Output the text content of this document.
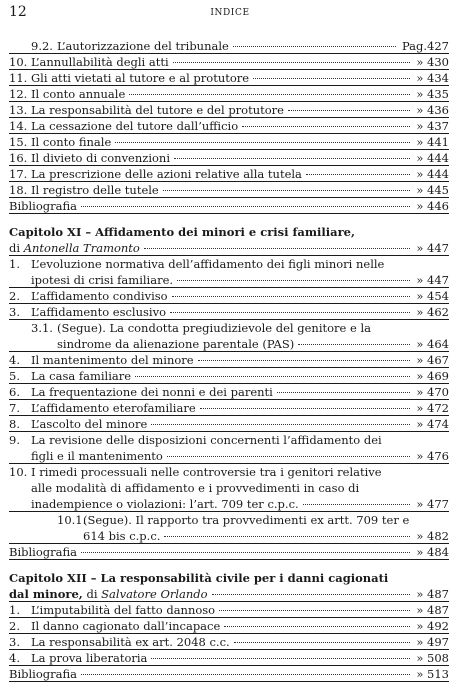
12	INDICE
9.2. L’autorizzazione del tribunale	Pag.427
10. L’annullabilità degli atti	» 430
11. Gli atti vietati al tutore e al protutore	» 434
12. Il conto annuale	» 435
13. La responsabilità del tutore e del protutore	» 436
14. La cessazione del tutore dall’ufficio	» 437
15. Il conto finale	» 441
16. Il divieto di convenzioni	» 444
17. La prescrizione delle azioni relative alla tutela	» 444
18. Il registro delle tutele	» 445
Bibliografia	» 446
Capitolo XI – Affidamento dei minori e crisi familiare,
di Antonella Tramonto	» 447
1. L’evoluzione normativa dell’affidamento dei figli minori nelle
ipotesi di crisi familiare.	» 447
2. L’affidamento condiviso	» 454
3. L’affidamento esclusivo	» 462
3.1. (Segue). La condotta pregiudizievole del genitore e la
sindrome da alienazione parentale (PAS)	» 464
4. Il mantenimento del minore	» 467
5. La casa familiare	» 469
6. La frequentazione dei nonni e dei parenti	» 470
7. L’affidamento eterofamiliare	» 472
8. L’ascolto del minore	» 474
9. La revisione delle disposizioni concernenti l’affidamento dei
figli e il mantenimento	» 476
10. I rimedi processuali nelle controversie tra i genitori relative
alle modalità di affidamento e i provvedimenti in caso di
inadempience o violazioni: l’art. 709 ter c.p.c.	» 477
10.1.
(Segue). Il rapporto tra provvedimenti ex artt. 709 ter e
614 bis c.p.c.	» 482
Bibliografia	» 484
Capitolo XII – La responsabilità civile per i danni cagionati
dal minore, di Salvatore Orlando	» 487
1. L’imputabilità del fatto dannoso	» 487
2. Il danno cagionato dall’incapace	» 492
3. La responsabilità ex art. 2048 c.c.	» 497
4. La prova liberatoria	» 508
Bibliografia	» 513
